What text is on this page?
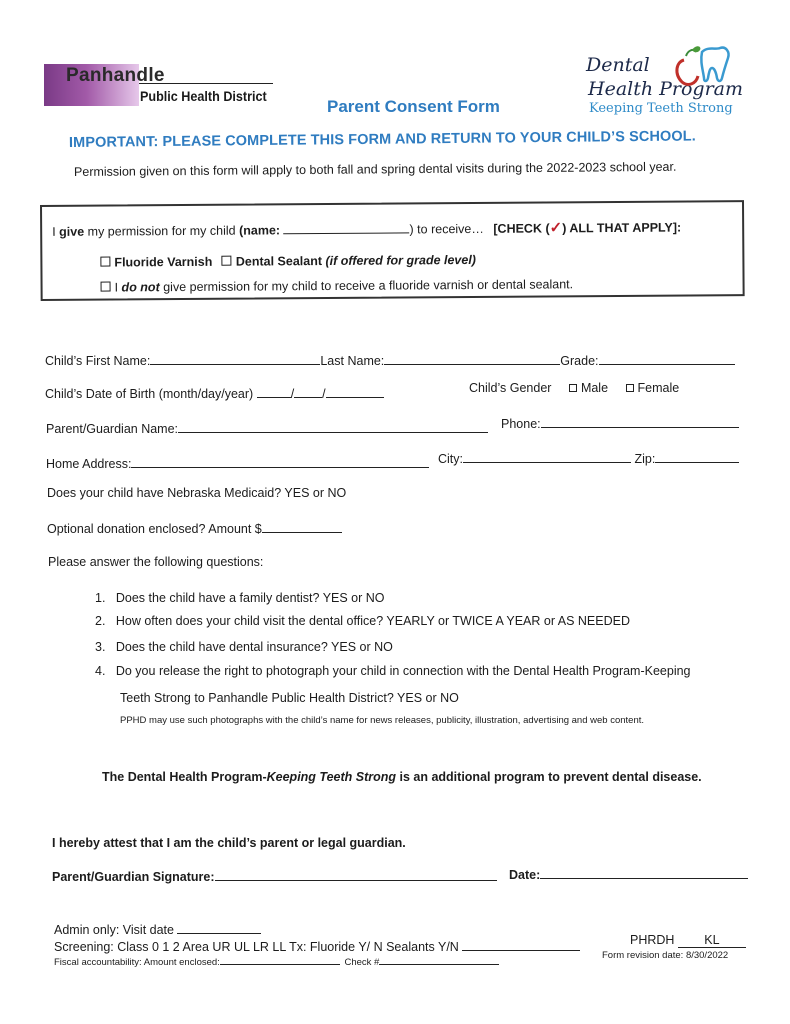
Panhandle
Public Health District
Dental
Health Program
Keeping Teeth Strong
Parent Consent Form
IMPORTANT: PLEASE COMPLETE THIS FORM AND RETURN TO YOUR CHILD’S SCHOOL.
Permission given on this form will apply to both fall and spring dental visits during the 2022-2023 school year.
I give my permission for my child (name:	) to receive… [CHECK (✓) ALL THAT APPLY]:
Fluoride Varnish Dental Sealant (if offered for grade level)
I do not give permission for my child to receive a fluoride varnish or dental sealant.
Child’s First Name:	Last Name:	Grade:
Child’s Date of Birth (month/day/year)	/ /	Child’s Gender Male Female
Parent/Guardian Name:	Phone:
Home Address:	City:	Zip:
Does your child have Nebraska Medicaid? YES or NO
Optional donation enclosed? Amount $
Please answer the following questions:
1. Does the child have a family dentist? YES or NO
2. How often does your child visit the dental office? YEARLY or TWICE A YEAR or AS NEEDED
3. Does the child have dental insurance? YES or NO
4. Do you release the right to photograph your child in connection with the Dental Health Program-Keeping
Teeth Strong to Panhandle Public Health District? YES or NO
PPHD may use such photographs with the child’s name for news releases, publicity, illustration, advertising and web content.
The Dental Health Program-Keeping Teeth Strong is an additional program to prevent dental disease.
I hereby attest that I am the child’s parent or legal guardian.
Parent/Guardian Signature:	Date:
Admin only: Visit date
Screening: Class 0 1 2 Area UR UL LR LL Tx: Fluoride Y/ N Sealants Y/N	PHRDH KL
Fiscal accountability: Amount enclosed:	Check #
Form revision date: 8/30/2022
